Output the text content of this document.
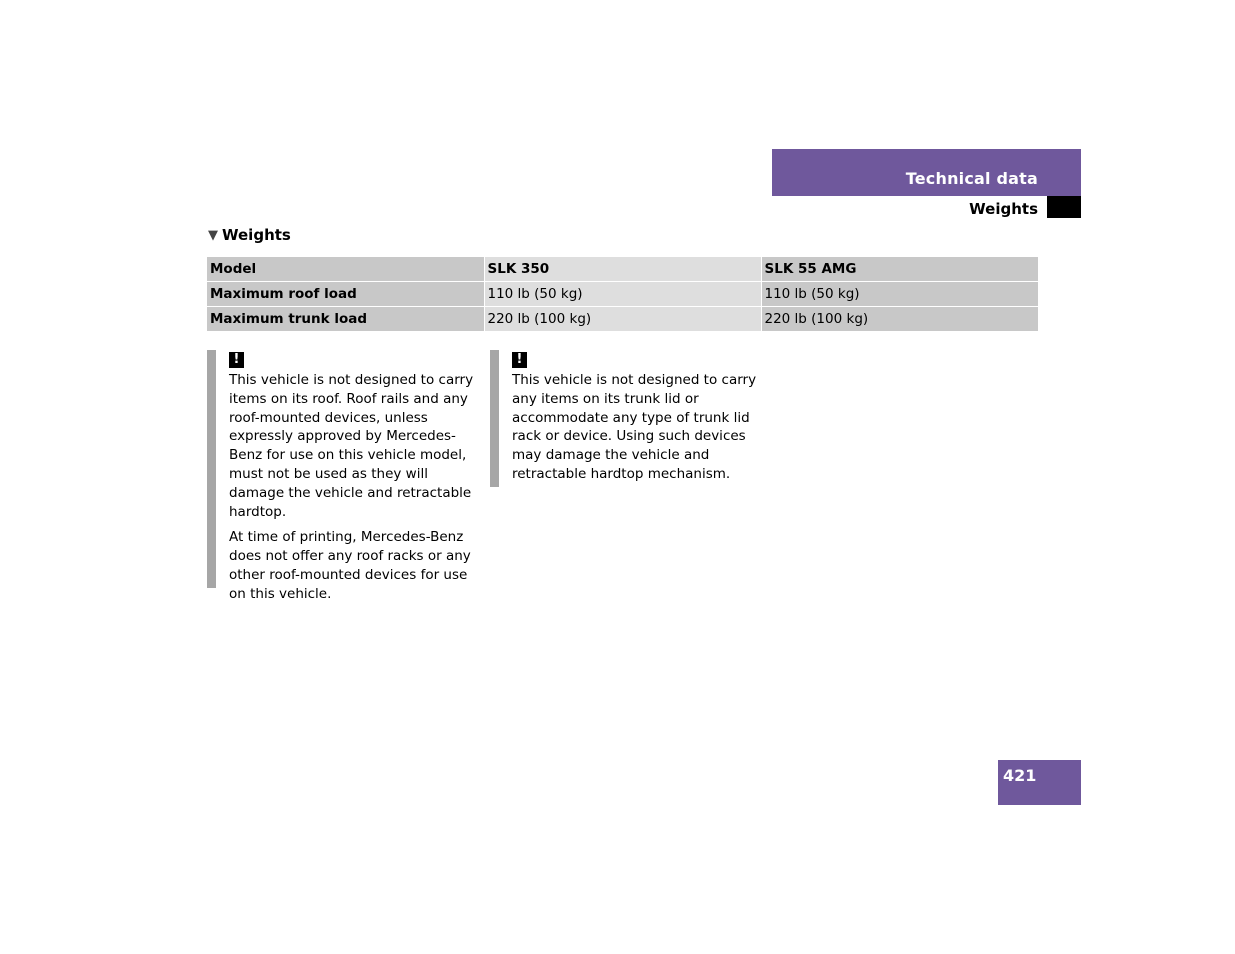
Technical data
Weights
▼ Weights
Model	SLK 350	SLK 55 AMG
Maximum roof load	110 lb (50 kg)	110 lb (50 kg)
Maximum trunk load	220 lb (100 kg)	220 lb (100 kg)
!

This vehicle is not designed to carry items on its roof. Roof rails and any roof-mounted devices, unless expressly approved by Mercedes-Benz for use on this vehicle model, must not be used as they will damage the vehicle and retractable hardtop.

At time of printing, Mercedes-Benz does not offer any roof racks or any other roof-mounted devices for use on this vehicle.

!

This vehicle is not designed to carry any items on its trunk lid or accommodate any type of trunk lid rack or device. Using such devices may damage the vehicle and retractable hardtop mechanism.

421
